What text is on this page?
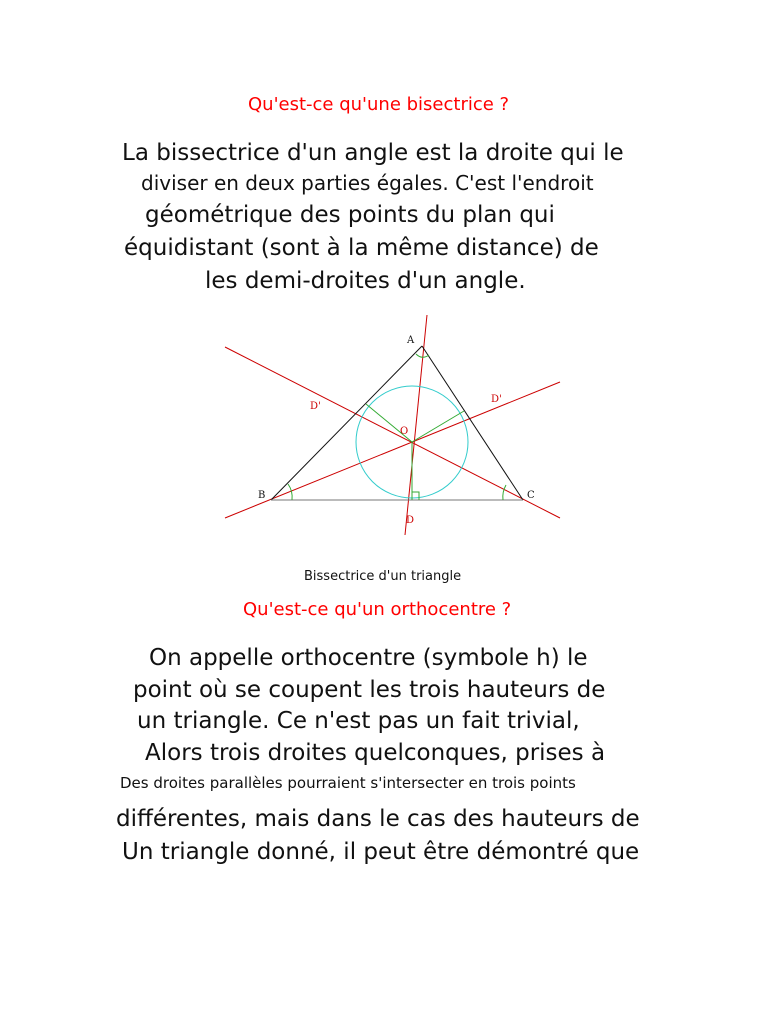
Qu'est-ce qu'une bisectrice ?
La bissectrice d'un angle est la droite qui le
diviser en deux parties égales. C'est l'endroit
géométrique des points du plan qui
équidistant (sont à la même distance) de
les demi-droites d'un angle.
A
B	C
O
D
D'
D'
Bissectrice d'un triangle
Qu'est-ce qu'un orthocentre ?
On appelle orthocentre (symbole h) le
point où se coupent les trois hauteurs de
un triangle. Ce n'est pas un fait trivial,
Alors trois droites quelconques, prises à
Des droites parallèles pourraient s'intersecter en trois points
différentes, mais dans le cas des hauteurs de
Un triangle donné, il peut être démontré que
